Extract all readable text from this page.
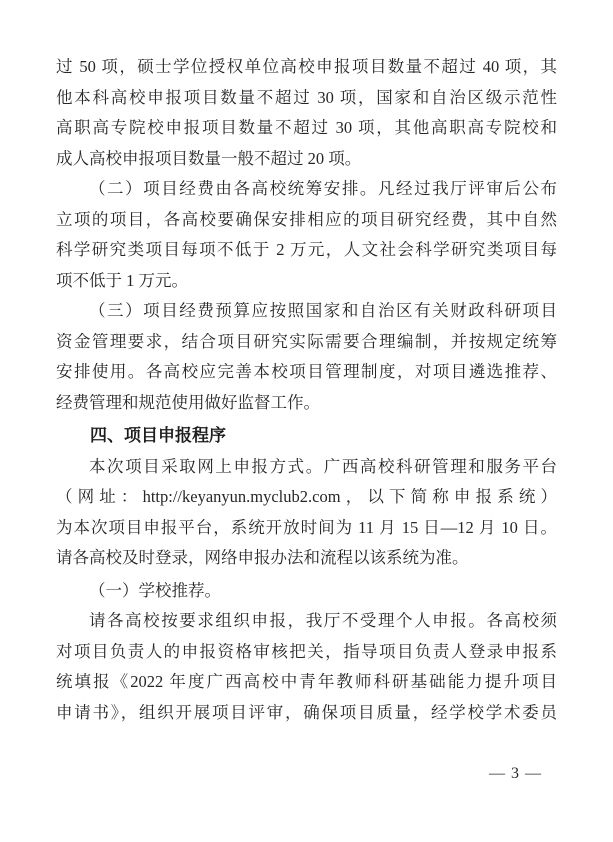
过 50 项，硕士学位授权单位高校申报项目数量不超过 40 项，其
他本科高校申报项目数量不超过 30 项，国家和自治区级示范性
高职高专院校申报项目数量不超过 30 项，其他高职高专院校和
成人高校申报项目数量一般不超过 20 项。
（二）项目经费由各高校统筹安排。凡经过我厅评审后公布
立项的项目，各高校要确保安排相应的项目研究经费，其中自然
科学研究类项目每项不低于 2 万元，人文社会科学研究类项目每
项不低于 1 万元。
（三）项目经费预算应按照国家和自治区有关财政科研项目
资金管理要求，结合项目研究实际需要合理编制，并按规定统筹
安排使用。各高校应完善本校项目管理制度，对项目遴选推荐、
经费管理和规范使用做好监督工作。
四、项目申报程序
本次项目采取网上申报方式。广西高校科研管理和服务平台
（网址：http://keyanyun.myclub2.com，以下简称申报系统）
为本次项目申报平台，系统开放时间为 11 月 15 日—12 月 10 日。
请各高校及时登录，网络申报办法和流程以该系统为准。
（一）学校推荐。
请各高校按要求组织申报，我厅不受理个人申报。各高校须
对项目负责人的申报资格审核把关，指导项目负责人登录申报系
统填报《2022 年度广西高校中青年教师科研基础能力提升项目
申请书》，组织开展项目评审，确保项目质量，经学校学术委员
— 3 —
